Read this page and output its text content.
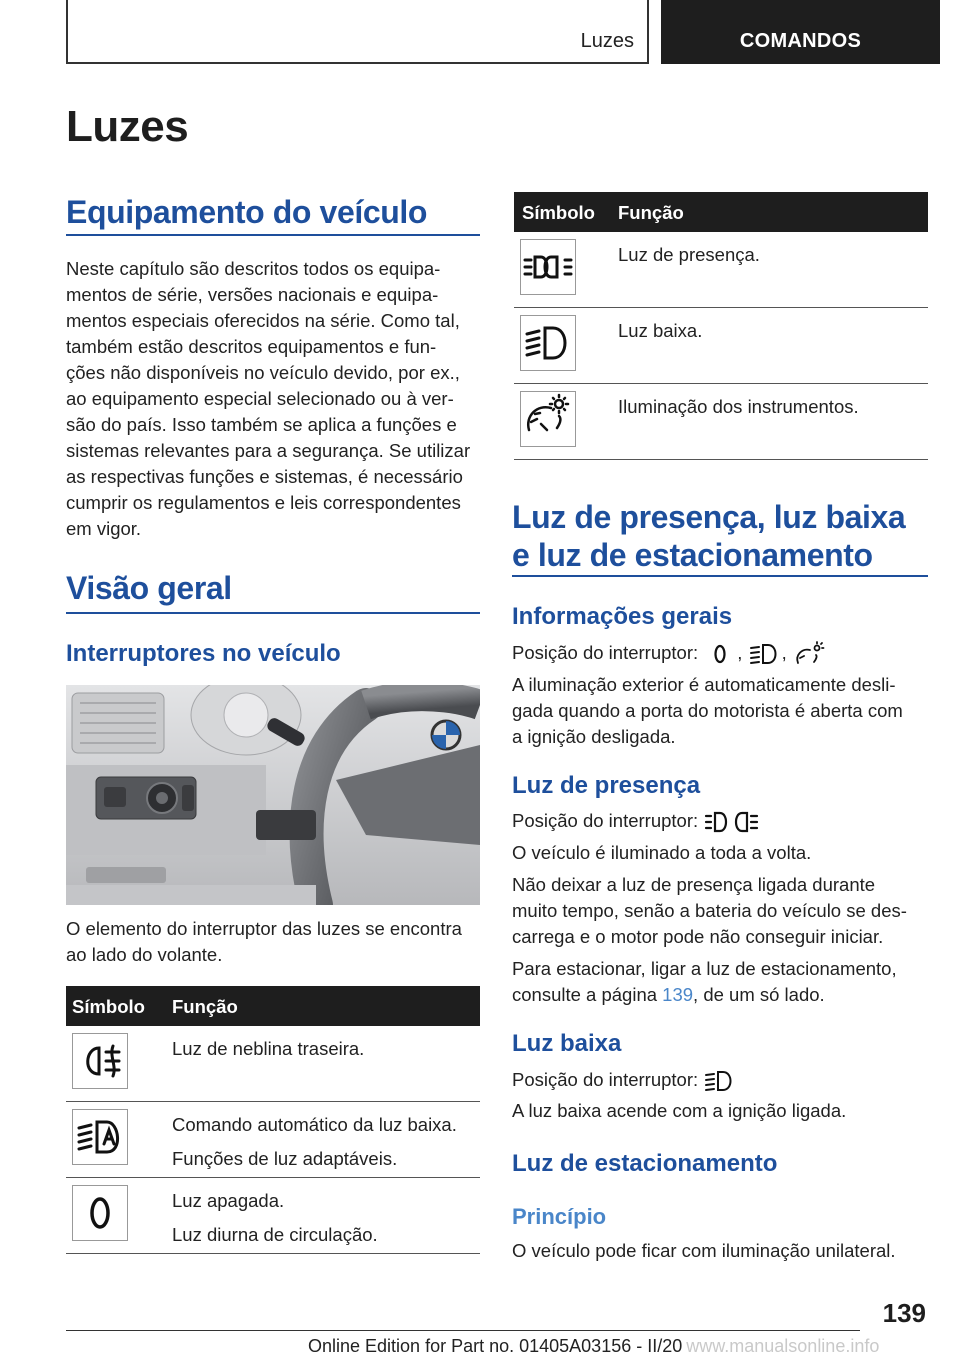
Luzes	COMANDOS
Luzes
Equipamento do veículo
Neste capítulo são descritos todos os equipa-
mentos de série, versões nacionais e equipa-
mentos especiais oferecidos na série. Como tal,
também estão descritos equipamentos e fun-
ções não disponíveis no veículo devido, por ex.,
ao equipamento especial selecionado ou à ver-
são do país. Isso também se aplica a funções e
sistemas relevantes para a segurança. Se utilizar
as respectivas funções e sistemas, é necessário
cumprir os regulamentos e leis correspondentes
em vigor.
Visão geral
Interruptores no veículo
O elemento do interruptor das luzes se encontra
ao lado do volante.
Símbolo Função
Luz de neblina traseira.
Comando automático da luz baixa.
Funções de luz adaptáveis.
Luz apagada.
Luz diurna de circulação.
Símbolo Função
Luz de presença.
Luz baixa.
Iluminação dos instrumentos.
Luz de presença, luz baixa
e luz de estacionamento
Informações gerais
Posição do interruptor: , ,
A iluminação exterior é automaticamente desli-
gada quando a porta do motorista é aberta com
a ignição desligada.
Luz de presença
Posição do interruptor:
O veículo é iluminado a toda a volta.
Não deixar a luz de presença ligada durante
muito tempo, senão a bateria do veículo se des-
carrega e o motor pode não conseguir iniciar.
Para estacionar, ligar a luz de estacionamento,
consulte a página 139, de um só lado.
Luz baixa
Posição do interruptor:
A luz baixa acende com a ignição ligada.
Luz de estacionamento
Princípio
O veículo pode ficar com iluminação unilateral.
139
Online Edition for Part no. 01405A03156 - II/20 www.manualsonline.info
